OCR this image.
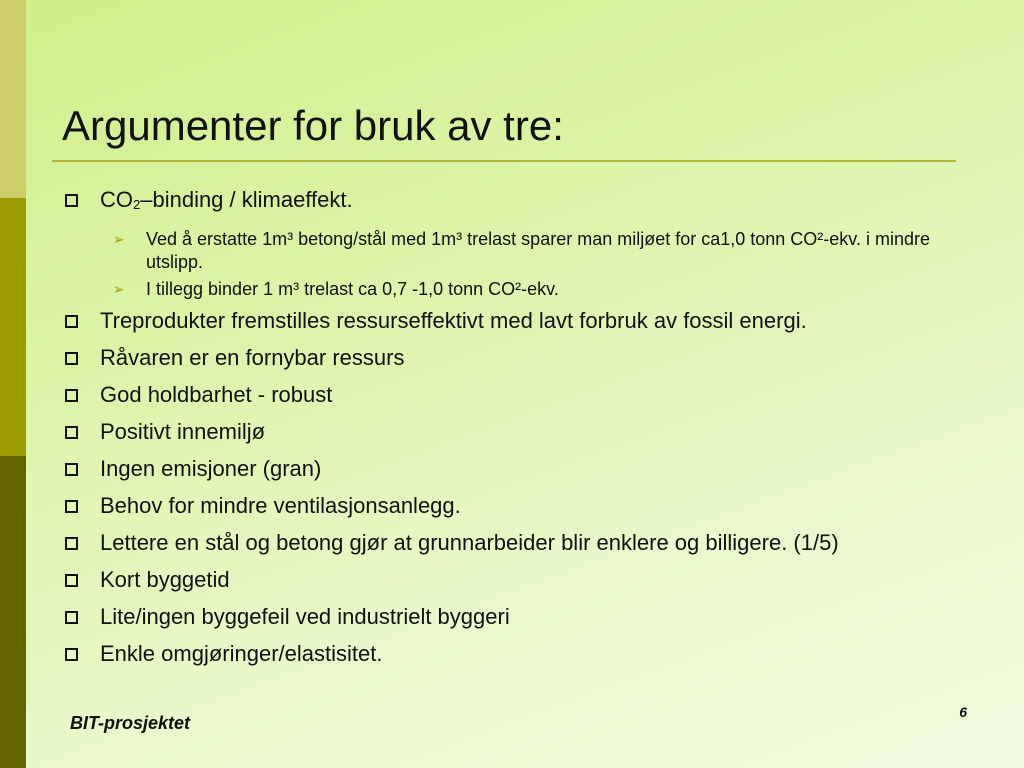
Argumenter for bruk av tre:
$CO_2$–binding / klimaeffekt.
➢ Ved å erstatte 1m³ betong/stål med 1m³ trelast sparer man miljøet for ca1,0 tonn CO²-ekv. i mindre utslipp.
➢ I tillegg binder 1 m³ trelast ca 0,7 -1,0 tonn CO²-ekv.
Treprodukter fremstilles ressurseffektivt med lavt forbruk av fossil energi.
Råvaren er en fornybar ressurs
God holdbarhet - robust
Positivt innemiljø
Ingen emisjoner (gran)
Behov for mindre ventilasjonsanlegg.
Lettere en stål og betong gjør at grunnarbeider blir enklere og billigere. (1/5)
Kort byggetid
Lite/ingen byggefeil ved industrielt byggeri
Enkle omgjøringer/elastisitet.
BIT-prosjektet
6
